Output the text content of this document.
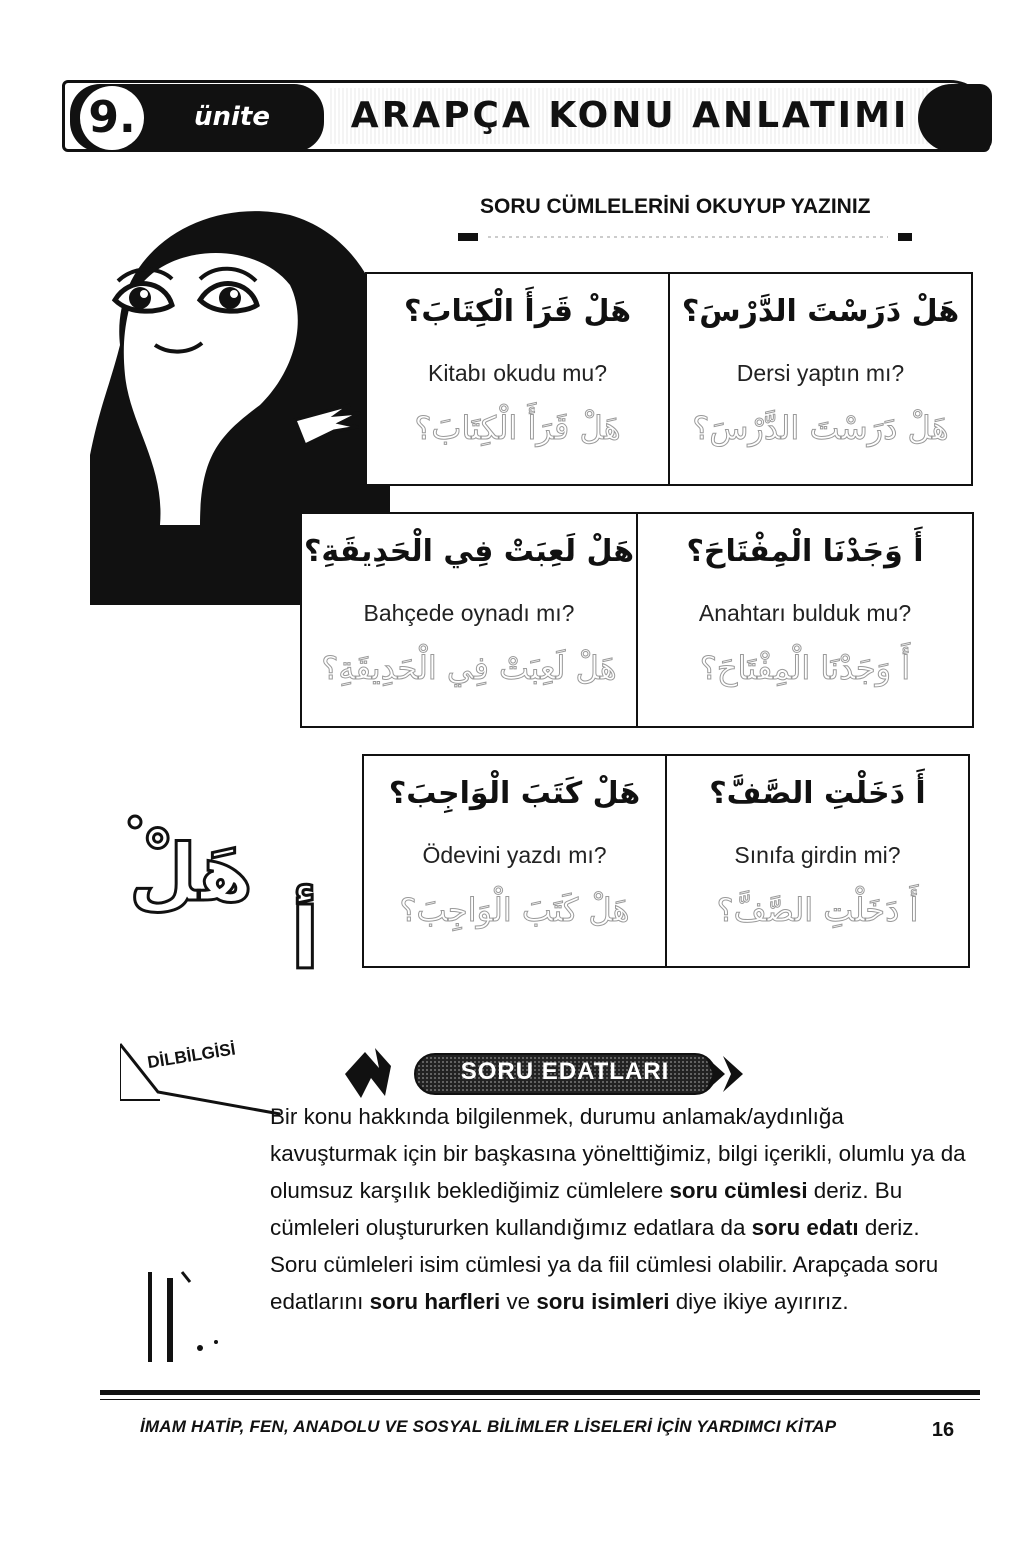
9.	ünite	ARAPÇA KONU ANLATIMI
SORU CÜMLELERİNİ OKUYUP YAZINIZ
هَلْ قَرَأَ الْكِتَابَ؟
Kitabı okudu mu?
هَلْ قَرَأَ الْكِتَابَ؟
هَلْ دَرَسْتَ الدَّرْسَ؟
Dersi yaptın mı?
هَلْ دَرَسْتَ الدَّرْسَ؟
هَلْ لَعِبَتْ فِي الْحَدِيقَةِ؟
Bahçede oynadı mı?
هَلْ لَعِبَتْ فِي الْحَدِيقَةِ؟
أَ وَجَدْنَا الْمِفْتَاحَ؟
Anahtarı bulduk mu?
أَ وَجَدْنَا الْمِفْتَاحَ؟
هَلْ كَتَبَ الْوَاجِبَ؟
Ödevini yazdı mı?
هَلْ كَتَبَ الْوَاجِبَ؟
أَ دَخَلْتِ الصَّفَّ؟
Sınıfa girdin mi?
أَ دَخَلْتِ الصَّفَّ؟
هَلْ
أ
DİLBİLGİSİ	SORU EDATLARI
Bir konu hakkında bilgilenmek, durumu anlamak/aydınlığa kavuşturmak için bir başkasına yönelttiğimiz, bilgi içerikli, olumlu ya da olumsuz karşılık beklediğimiz cümlelere soru cümlesi deriz. Bu cümleleri oluştururken kullandığımız edatlara da soru edatı deriz. Soru cümleleri isim cümlesi ya da fiil cümlesi olabilir. Arapçada soru edatlarını soru harfleri ve soru isimleri diye ikiye ayırırız.
İMAM HATİP, FEN, ANADOLU VE SOSYAL BİLİMLER LİSELERİ İÇİN YARDIMCI KİTAP	16
